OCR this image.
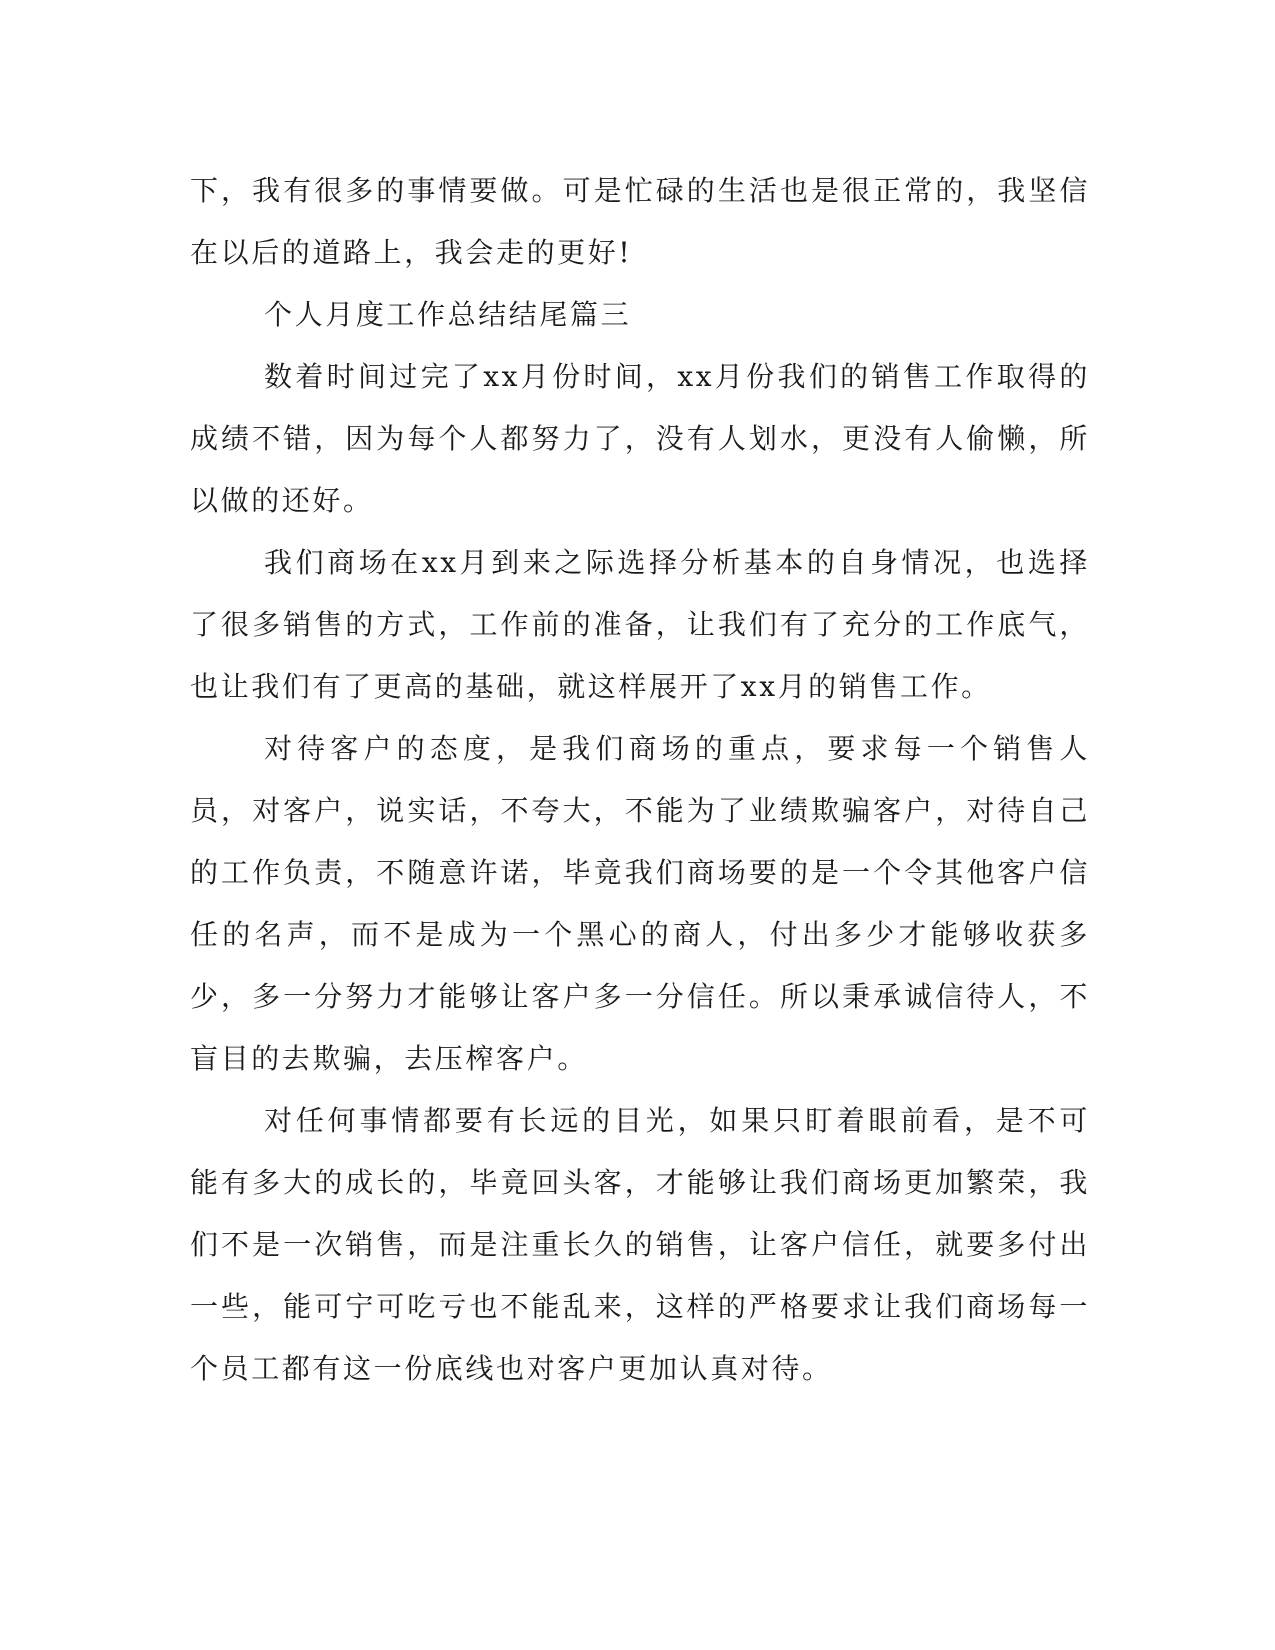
下，我有很多的事情要做。可是忙碌的生活也是很正常的，我坚信在以后的道路上，我会走的更好!

个人月度工作总结结尾篇三

数着时间过完了xx月份时间，xx月份我们的销售工作取得的成绩不错，因为每个人都努力了，没有人划水，更没有人偷懒，所以做的还好。

我们商场在xx月到来之际选择分析基本的自身情况，也选择了很多销售的方式，工作前的准备，让我们有了充分的工作底气，也让我们有了更高的基础，就这样展开了xx月的销售工作。

对待客户的态度，是我们商场的重点，要求每一个销售人员，对客户，说实话，不夸大，不能为了业绩欺骗客户，对待自己的工作负责，不随意许诺，毕竟我们商场要的是一个令其他客户信任的名声，而不是成为一个黑心的商人，付出多少才能够收获多少，多一分努力才能够让客户多一分信任。所以秉承诚信待人，不盲目的去欺骗，去压榨客户。

对任何事情都要有长远的目光，如果只盯着眼前看，是不可能有多大的成长的，毕竟回头客，才能够让我们商场更加繁荣，我们不是一次销售，而是注重长久的销售，让客户信任，就要多付出一些，能可宁可吃亏也不能乱来，这样的严格要求让我们商场每一个员工都有这一份底线也对客户更加认真对待。
